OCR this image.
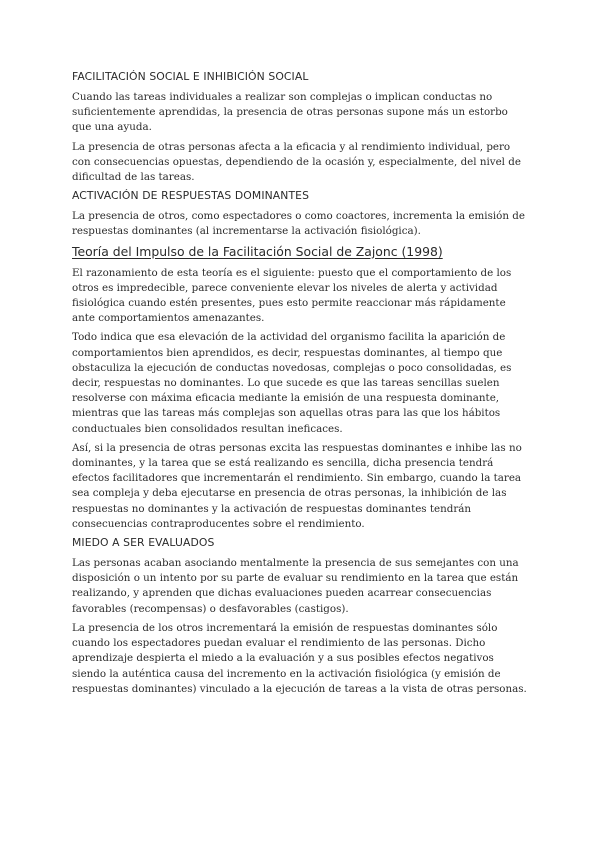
FACILITACIÓN SOCIAL E INHIBICIÓN SOCIAL

Cuando las tareas individuales a realizar son complejas o implican conductas no suficientemente aprendidas, la presencia de otras personas supone más un estorbo que una ayuda.

La presencia de otras personas afecta a la eficacia y al rendimiento individual, pero con consecuencias opuestas, dependiendo de la ocasión y, especialmente, del nivel de dificultad de las tareas.

ACTIVACIÓN DE RESPUESTAS DOMINANTES

La presencia de otros, como espectadores o como coactores, incrementa la emisión de respuestas dominantes (al incrementarse la activación fisiológica).

Teoría del Impulso de la Facilitación Social de Zajonc (1998)

El razonamiento de esta teoría es el siguiente: puesto que el comportamiento de los otros es impredecible, parece conveniente elevar los niveles de alerta y actividad fisiológica cuando estén presentes, pues esto permite reaccionar más rápidamente ante comportamientos amenazantes.

Todo indica que esa elevación de la actividad del organismo facilita la aparición de comportamientos bien aprendidos, es decir, respuestas dominantes, al tiempo que obstaculiza la ejecución de conductas novedosas, complejas o poco consolidadas, es decir, respuestas no dominantes. Lo que sucede es que las tareas sencillas suelen resolverse con máxima eficacia mediante la emisión de una respuesta dominante, mientras que las tareas más complejas son aquellas otras para las que los hábitos conductuales bien consolidados resultan ineficaces.

Así, si la presencia de otras personas excita las respuestas dominantes e inhibe las no dominantes, y la tarea que se está realizando es sencilla, dicha presencia tendrá efectos facilitadores que incrementarán el rendimiento. Sin embargo, cuando la tarea sea compleja y deba ejecutarse en presencia de otras personas, la inhibición de las respuestas no dominantes y la activación de respuestas dominantes tendrán consecuencias contraproducentes sobre el rendimiento.

MIEDO A SER EVALUADOS

Las personas acaban asociando mentalmente la presencia de sus semejantes con una disposición o un intento por su parte de evaluar su rendimiento en la tarea que están realizando, y aprenden que dichas evaluaciones pueden acarrear consecuencias favorables (recompensas) o desfavorables (castigos).

La presencia de los otros incrementará la emisión de respuestas dominantes sólo cuando los espectadores puedan evaluar el rendimiento de las personas. Dicho aprendizaje despierta el miedo a la evaluación y a sus posibles efectos negativos siendo la auténtica causa del incremento en la activación fisiológica (y emisión de respuestas dominantes) vinculado a la ejecución de tareas a la vista de otras personas.
